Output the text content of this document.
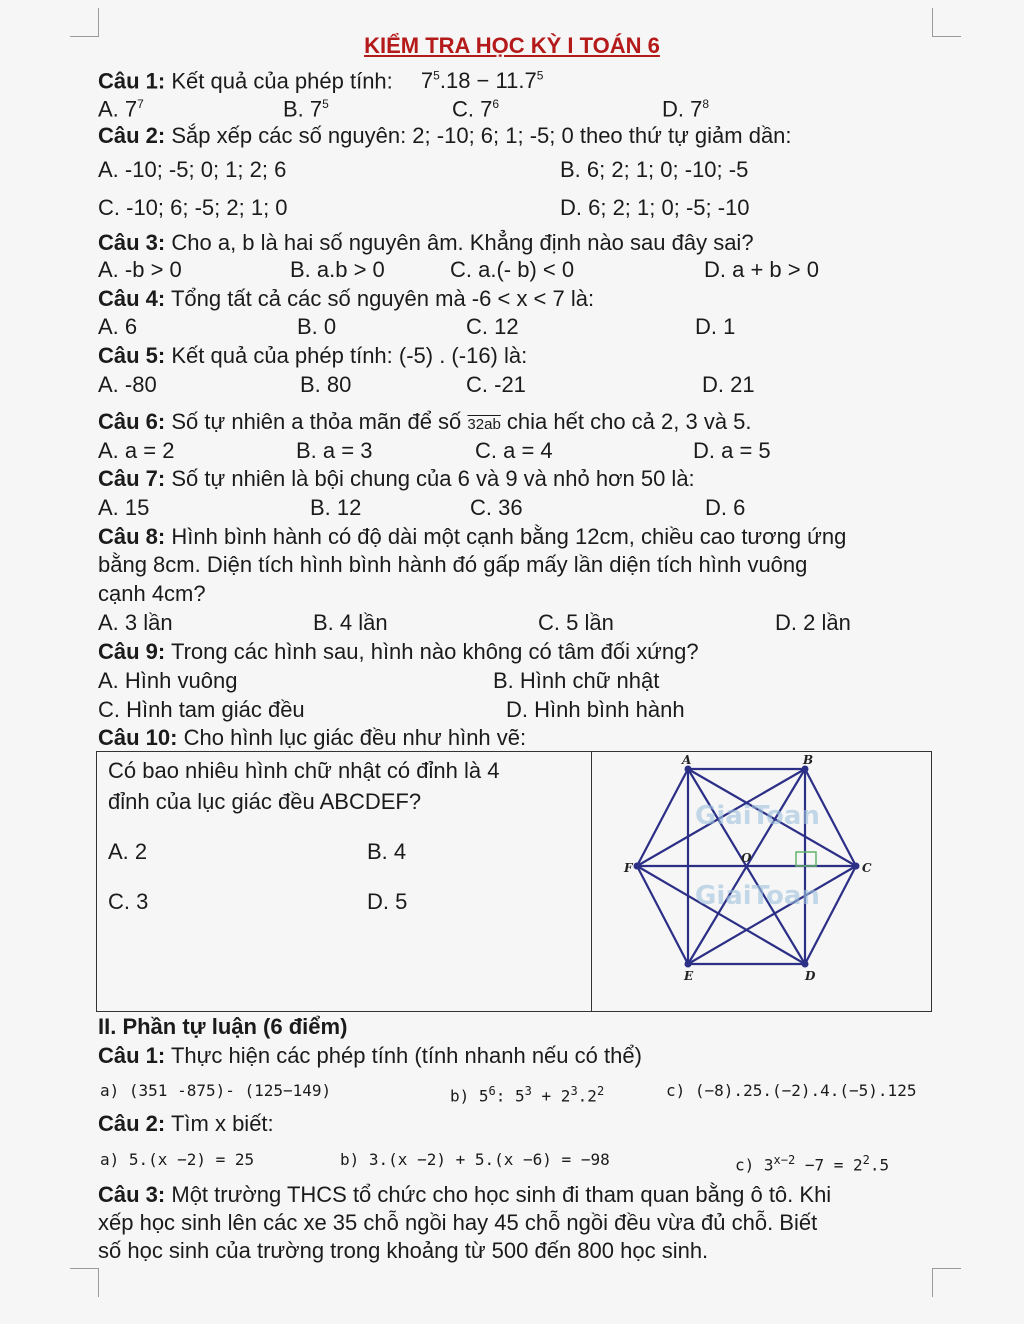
KIỂM TRA HỌC KỲ I TOÁN 6
Câu 1: Kết quả của phép tính: $7^5.18 - 11.7^5$
A. $7^7$	B. $7^5$	C. $7^6$	D. $7^8$
Câu 2: Sắp xếp các số nguyên: 2; -10; 6; 1; -5; 0 theo thứ tự giảm dần:
A. -10; -5; 0; 1; 2; 6	B. 6; 2; 1; 0; -10; -5
C. -10; 6; -5; 2; 1; 0	D. 6; 2; 1; 0; -5; -10
Câu 3: Cho a, b là hai số nguyên âm. Khẳng định nào sau đây sai?
A. -b > 0	B. a.b > 0	C. a.(- b) < 0	D. a + b > 0
Câu 4: Tổng tất cả các số nguyên mà -6 < x < 7 là:
A. 6	B. 0	C. 12	D. 1
Câu 5: Kết quả của phép tính: (-5) . (-16) là:
A. -80	B. 80	C. -21	D. 21
Câu 6: Số tự nhiên a thỏa mãn để số 32ab chia hết cho cả 2, 3 và 5.
A. a = 2	B. a = 3	C. a = 4	D. a = 5
Câu 7: Số tự nhiên là bội chung của 6 và 9 và nhỏ hơn 50 là:
A. 15	B. 12	C. 36	D. 6
Câu 8: Hình bình hành có độ dài một cạnh bằng 12cm, chiều cao tương ứng
bằng 8cm. Diện tích hình bình hành đó gấp mấy lần diện tích hình vuông
cạnh 4cm?
A. 3 lần	B. 4 lần	C. 5 lần	D. 2 lần
Câu 9: Trong các hình sau, hình nào không có tâm đối xứng?
A. Hình vuông	B. Hình chữ nhật
C. Hình tam giác đều	D. Hình bình hành
Câu 10: Cho hình lục giác đều như hình vẽ:
Có bao nhiêu hình chữ nhật có đỉnh là 4
đỉnh của lục giác đều ABCDEF?
A. 2	B. 4
C. 3	D. 5
A	B
C
D
E
F
O
GiaiToan
GiaiToan
II. Phần tự luận (6 điểm)
Câu 1: Thực hiện các phép tính (tính nhanh nếu có thể)
a) (351 -875)- (125−149)	b) $5^6$: $5^3 + 2^3.2^2$	c) (−8).25.(−2).4.(−5).125
Câu 2: Tìm x biết:
a) 5.(x −2) = 25	b) 3.(x −2) + 5.(x −6) = −98	c) $3^{x-2} -7 = 2^2.5$
Câu 3: Một trường THCS tổ chức cho học sinh đi tham quan bằng ô tô. Khi
xếp học sinh lên các xe 35 chỗ ngồi hay 45 chỗ ngồi đều vừa đủ chỗ. Biết
số học sinh của trường trong khoảng từ 500 đến 800 học sinh.
